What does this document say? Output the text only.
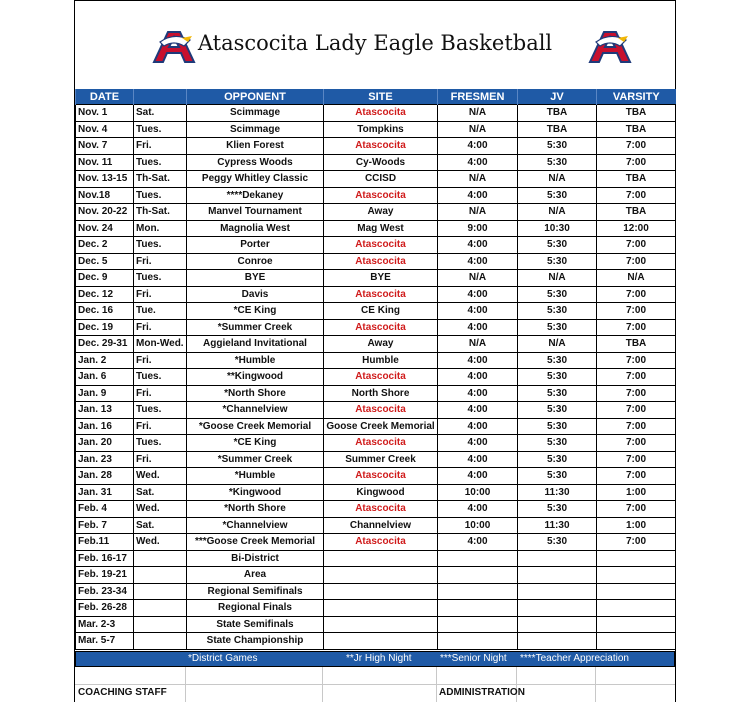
Atascocita Lady Eagle Basketball
DATE		OPPONENT	SITE	FRESMEN	JV	VARSITY
Nov. 1	Sat.	Scimmage	Atascocita	N/A	TBA	TBA
Nov. 4	Tues.	Scimmage	Tompkins	N/A	TBA	TBA
Nov. 7	Fri.	Klien Forest	Atascocita	4:00	5:30	7:00
Nov. 11	Tues.	Cypress Woods	Cy-Woods	4:00	5:30	7:00
Nov. 13-15	Th-Sat.	Peggy Whitley Classic	CCISD	N/A	N/A	TBA
Nov.18	Tues.	****Dekaney	Atascocita	4:00	5:30	7:00
Nov. 20-22	Th-Sat.	Manvel Tournament	Away	N/A	N/A	TBA
Nov. 24	Mon.	Magnolia West	Mag West	9:00	10:30	12:00
Dec. 2	Tues.	Porter	Atascocita	4:00	5:30	7:00
Dec. 5	Fri.	Conroe	Atascocita	4:00	5:30	7:00
Dec. 9	Tues.	BYE	BYE	N/A	N/A	N/A
Dec. 12	Fri.	Davis	Atascocita	4:00	5:30	7:00
Dec. 16	Tue.	*CE King	CE King	4:00	5:30	7:00
Dec. 19	Fri.	*Summer Creek	Atascocita	4:00	5:30	7:00
Dec. 29-31	Mon-Wed.	Aggieland Invitational	Away	N/A	N/A	TBA
Jan. 2	Fri.	*Humble	Humble	4:00	5:30	7:00
Jan. 6	Tues.	**Kingwood	Atascocita	4:00	5:30	7:00
Jan. 9	Fri.	*North Shore	North Shore	4:00	5:30	7:00
Jan. 13	Tues.	*Channelview	Atascocita	4:00	5:30	7:00
Jan. 16	Fri.	*Goose Creek Memorial	Goose Creek Memorial	4:00	5:30	7:00
Jan. 20	Tues.	*CE King	Atascocita	4:00	5:30	7:00
Jan. 23	Fri.	*Summer Creek	Summer Creek	4:00	5:30	7:00
Jan. 28	Wed.	*Humble	Atascocita	4:00	5:30	7:00
Jan. 31	Sat.	*Kingwood	Kingwood	10:00	11:30	1:00
Feb. 4	Wed.	*North Shore	Atascocita	4:00	5:30	7:00
Feb. 7	Sat.	*Channelview	Channelview	10:00	11:30	1:00
Feb.11	Wed.	***Goose Creek Memorial	Atascocita	4:00	5:30	7:00
Feb. 16-17		Bi-District				
Feb. 19-21		Area				
Feb. 23-34		Regional Semifinals				
Feb. 26-28		Regional Finals				
Mar. 2-3		State Semifinals				
Mar. 5-7		State Championship				
*District Games	**Jr High Night	***Senior Night ****Teacher Appreciation
COACHING STAFF	ADMINISTRATION
